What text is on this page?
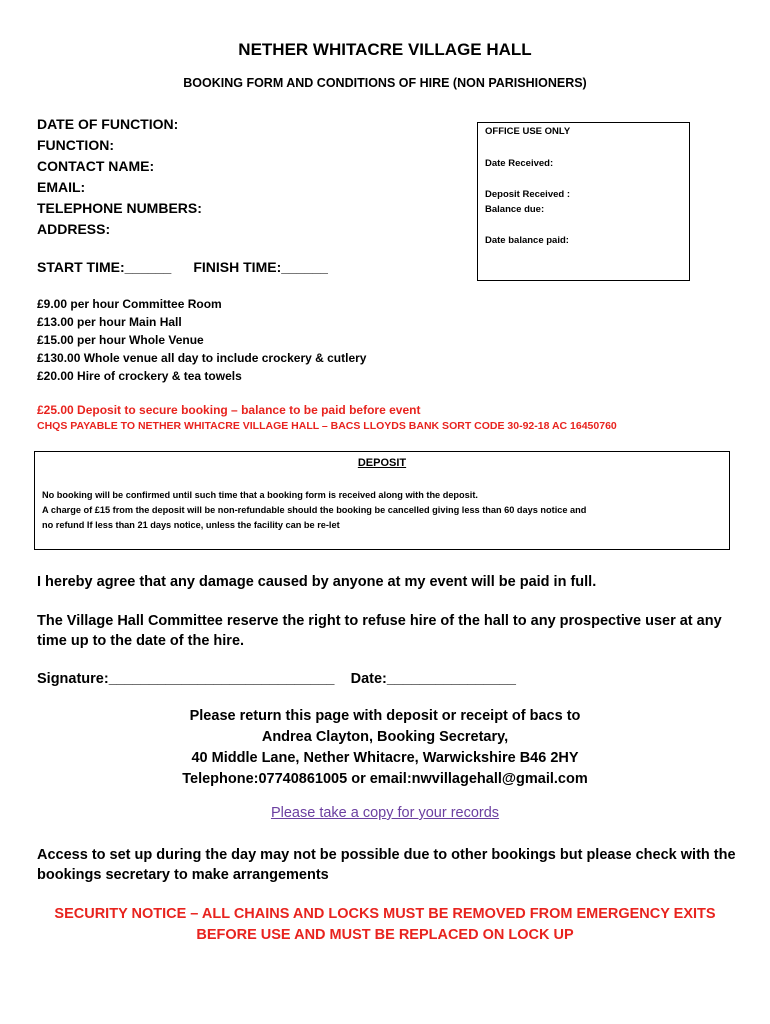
NETHER WHITACRE VILLAGE HALL
BOOKING FORM AND CONDITIONS OF HIRE (NON PARISHIONERS)
DATE OF FUNCTION:
FUNCTION:
CONTACT NAME:
EMAIL:
TELEPHONE NUMBERS:
ADDRESS:
START TIME:______ FINISH TIME:______
OFFICE USE ONLY
Date Received:
Deposit Received :
Balance due:
Date balance paid:
£9.00 per hour Committee Room
£13.00 per hour Main Hall
£15.00 per hour Whole Venue
£130.00 Whole venue all day to include crockery & cutlery
£20.00 Hire of crockery & tea towels
£25.00 Deposit to secure booking – balance to be paid before event
CHQS PAYABLE TO NETHER WHITACRE VILLAGE HALL – BACS LLOYDS BANK SORT CODE 30-92-18 AC 16450760
DEPOSIT
No booking will be confirmed until such time that a booking form is received along with the deposit.
A charge of £15 from the deposit will be non-refundable should the booking be cancelled giving less than 60 days notice and
no refund If less than 21 days notice, unless the facility can be re-let
I hereby agree that any damage caused by anyone at my event will be paid in full.
The Village Hall Committee reserve the right to refuse hire of the hall to any prospective user at any time up to the date of the hire.
Signature:____________________________ Date:________________
Please return this page with deposit or receipt of bacs to
Andrea Clayton, Booking Secretary,
40 Middle Lane, Nether Whitacre, Warwickshire B46 2HY
Telephone:07740861005 or email:nwvillagehall@gmail.com
Please take a copy for your records
Access to set up during the day may not be possible due to other bookings but please check with the bookings secretary to make arrangements
SECURITY NOTICE – ALL CHAINS AND LOCKS MUST BE REMOVED FROM EMERGENCY EXITS
BEFORE USE AND MUST BE REPLACED ON LOCK UP
